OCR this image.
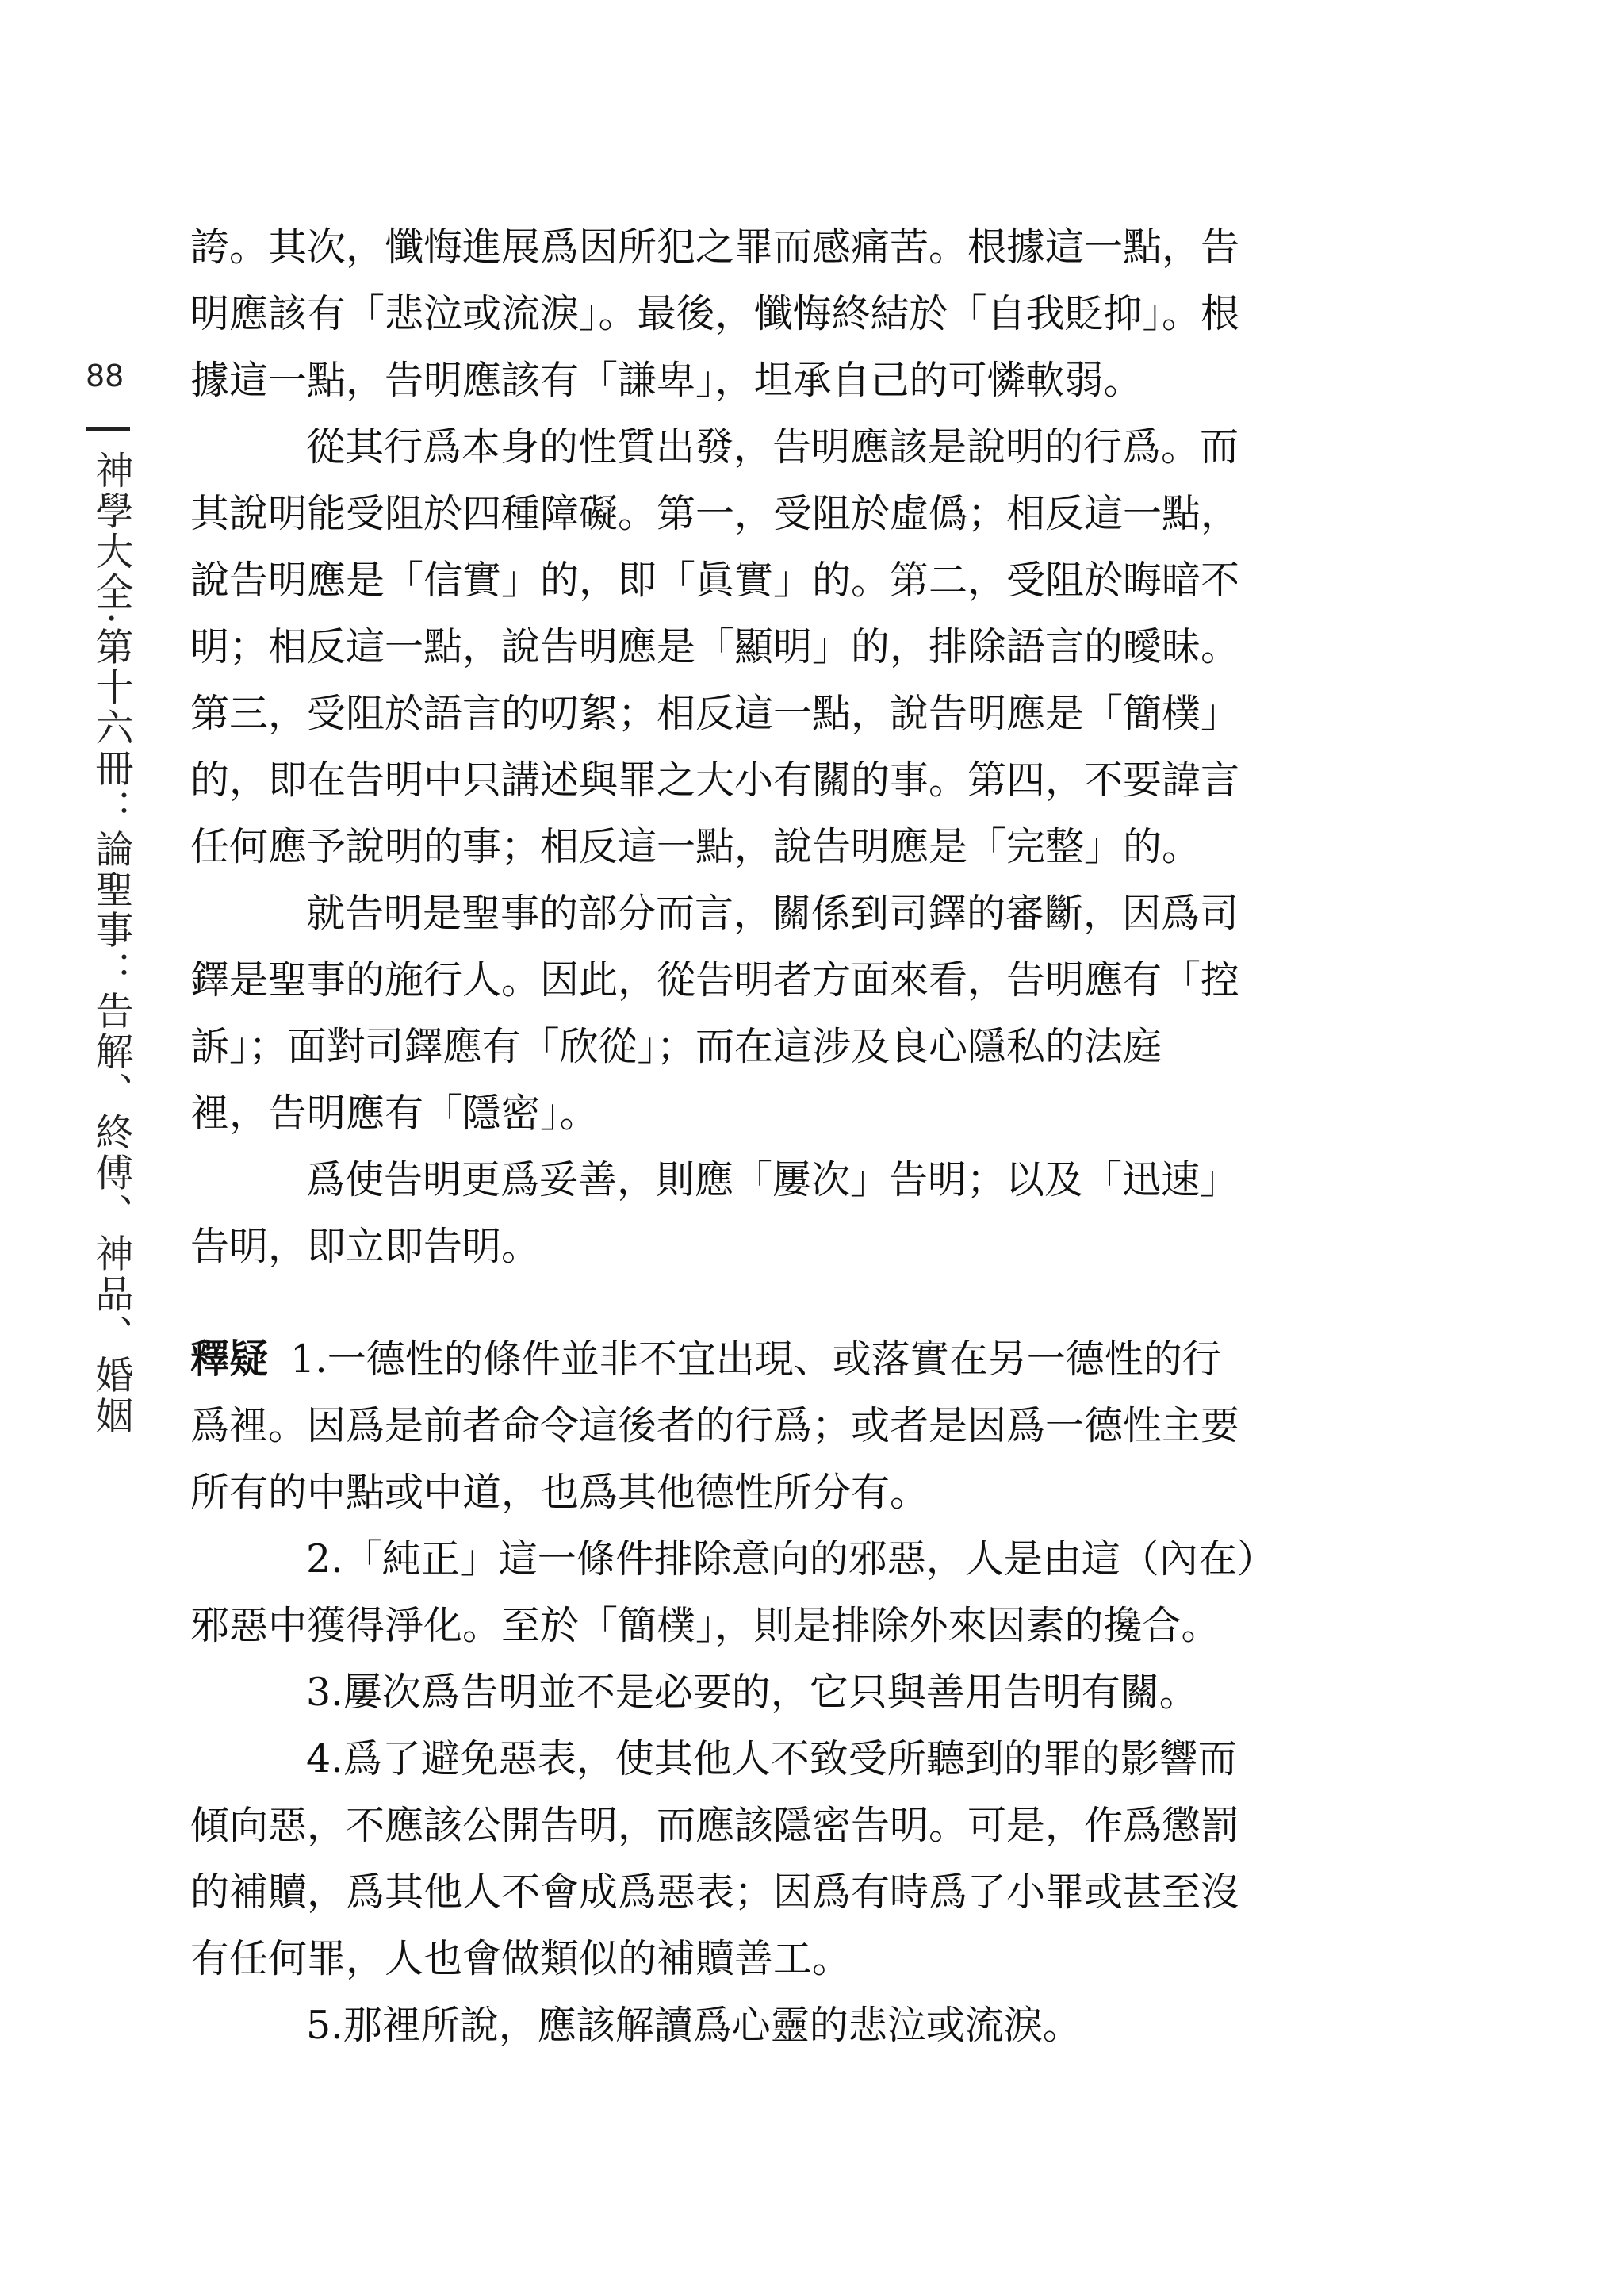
88
神學大全·第十六冊：論聖事：告解、終傅、神品、婚姻
誇。其次，懺悔進展爲因所犯之罪而感痛苦。根據這一點，告
明應該有「悲泣或流淚」。最後，懺悔終結於「自我貶抑」。根
據這一點，告明應該有「謙卑」，坦承自己的可憐軟弱。
從其行爲本身的性質出發，告明應該是說明的行爲。而
其說明能受阻於四種障礙。第一，受阻於虛僞；相反這一點，
說告明應是「信實」的，即「眞實」的。第二，受阻於晦暗不
明；相反這一點，說告明應是「顯明」的，排除語言的曖昧。
第三，受阻於語言的叨絮；相反這一點，說告明應是「簡樸」
的，即在告明中只講述與罪之大小有關的事。第四，不要諱言
任何應予說明的事；相反這一點，說告明應是「完整」的。
就告明是聖事的部分而言，關係到司鐸的審斷，因爲司
鐸是聖事的施行人。因此，從告明者方面來看，告明應有「控
訴」；面對司鐸應有「欣從」；而在這涉及良心隱私的法庭
裡，告明應有「隱密」。
爲使告明更爲妥善，則應「屢次」告明；以及「迅速」
告明，即立即告明。
釋疑 1.一德性的條件並非不宜出現、或落實在另一德性的行
爲裡。因爲是前者命令這後者的行爲；或者是因爲一德性主要
所有的中點或中道，也爲其他德性所分有。
2.「純正」這一條件排除意向的邪惡，人是由這（內在）
邪惡中獲得淨化。至於「簡樸」，則是排除外來因素的攙合。
3.屢次爲告明並不是必要的，它只與善用告明有關。
4.爲了避免惡表，使其他人不致受所聽到的罪的影響而
傾向惡，不應該公開告明，而應該隱密告明。可是，作爲懲罰
的補贖，爲其他人不會成爲惡表；因爲有時爲了小罪或甚至沒
有任何罪，人也會做類似的補贖善工。
5.那裡所說，應該解讀爲心靈的悲泣或流淚。
